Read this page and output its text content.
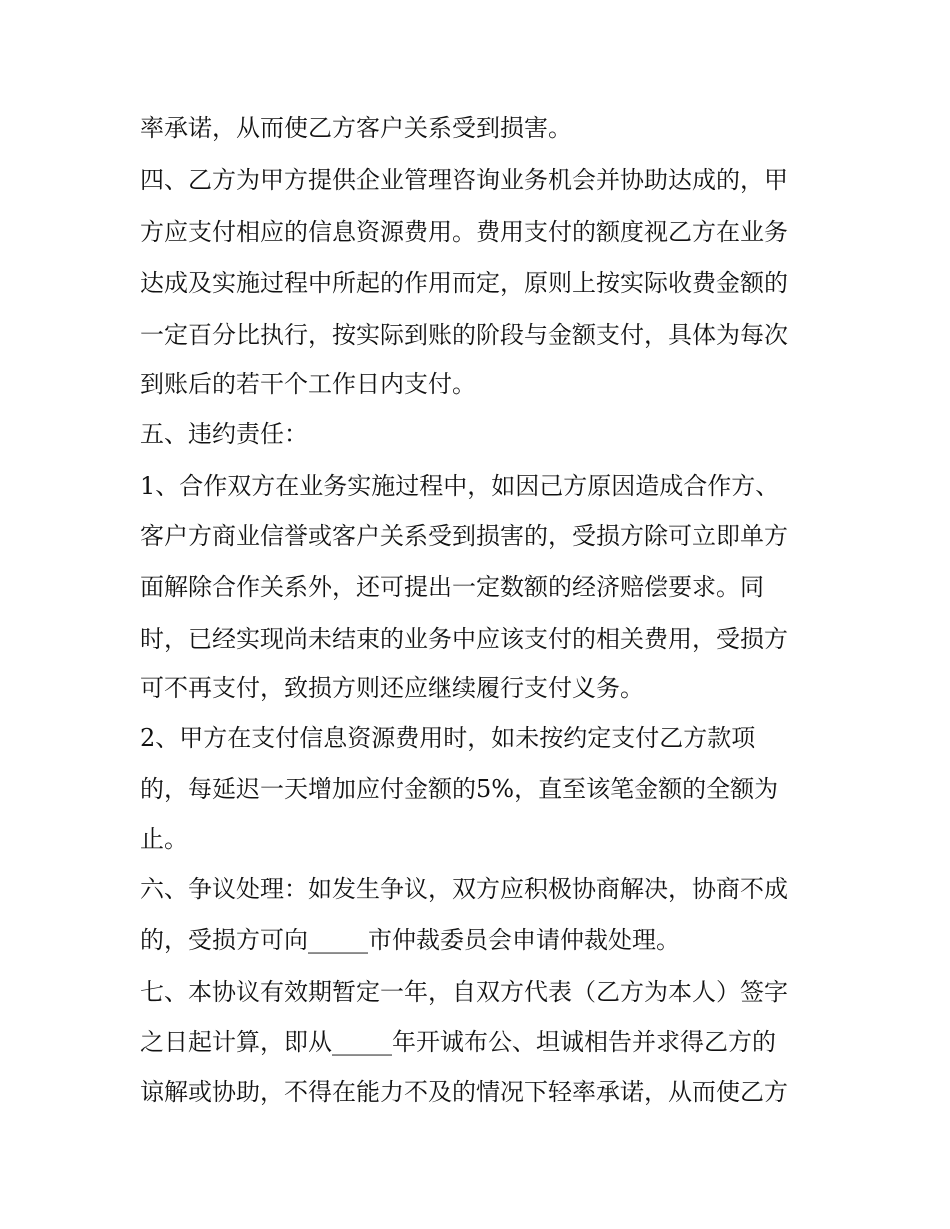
率承诺，从而使乙方客户关系受到损害。
四、乙方为甲方提供企业管理咨询业务机会并协助达成的，甲
方应支付相应的信息资源费用。费用支付的额度视乙方在业务
达成及实施过程中所起的作用而定，原则上按实际收费金额的
一定百分比执行，按实际到账的阶段与金额支付，具体为每次
到账后的若干个工作日内支付。
五、违约责任：
1、合作双方在业务实施过程中，如因己方原因造成合作方、
客户方商业信誉或客户关系受到损害的，受损方除可立即单方
面解除合作关系外，还可提出一定数额的经济赔偿要求。同
时，已经实现尚未结束的业务中应该支付的相关费用，受损方
可不再支付，致损方则还应继续履行支付义务。
2、甲方在支付信息资源费用时，如未按约定支付乙方款项
的，每延迟一天增加应付金额的5%，直至该笔金额的全额为
止。
六、争议处理：如发生争议，双方应积极协商解决，协商不成
的，受损方可向_____市仲裁委员会申请仲裁处理。
七、本协议有效期暂定一年，自双方代表（乙方为本人）签字
之日起计算，即从_____年开诚布公、坦诚相告并求得乙方的
谅解或协助，不得在能力不及的情况下轻率承诺，从而使乙方
